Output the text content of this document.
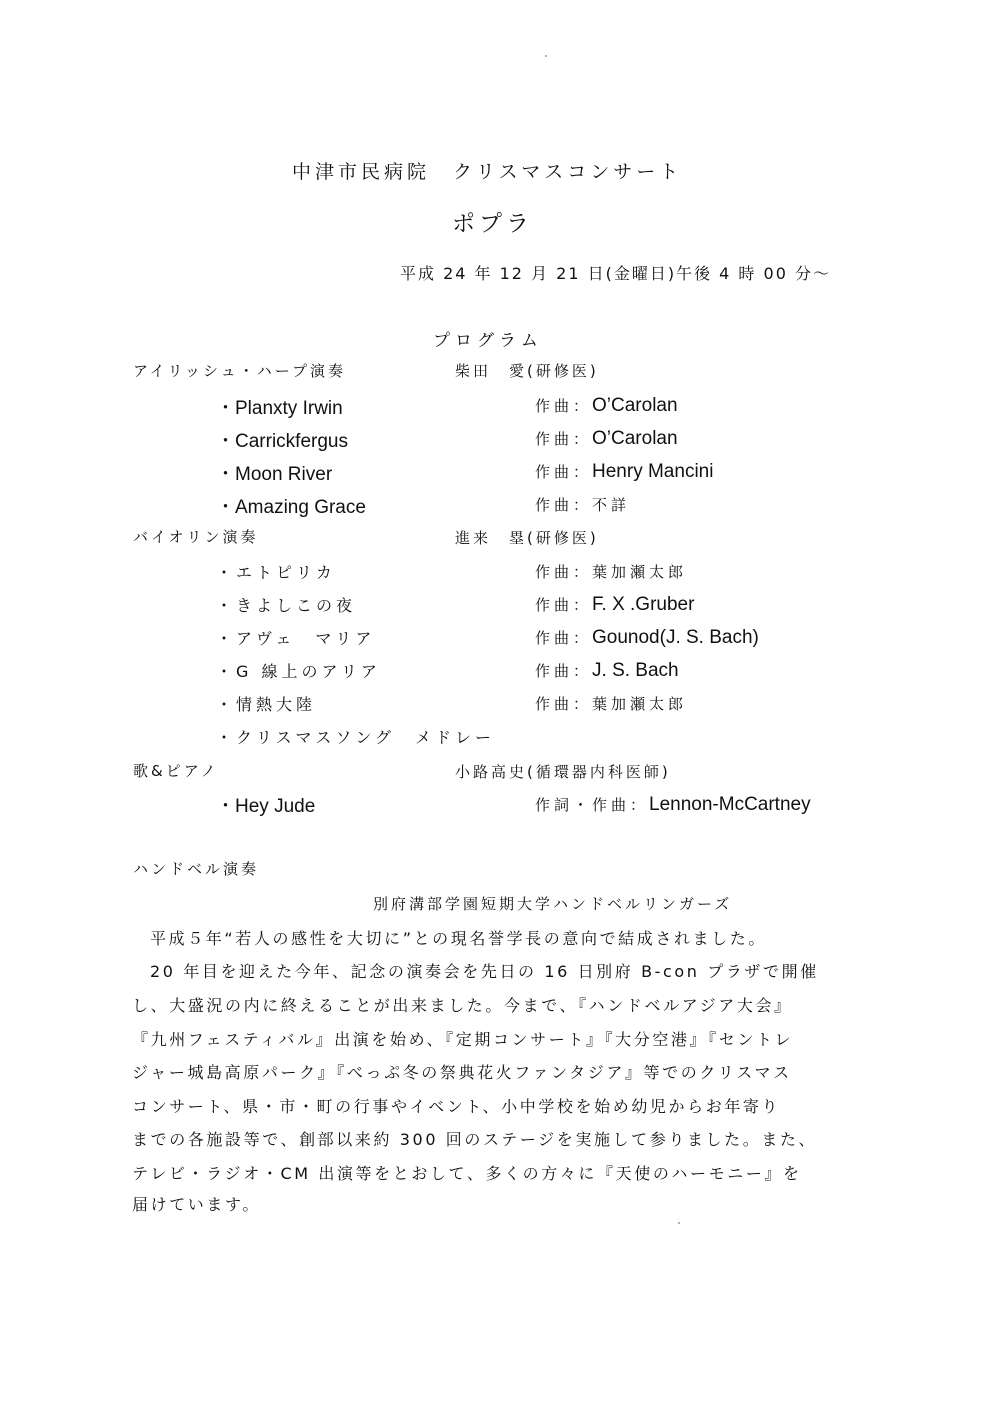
中津市民病院　クリスマスコンサート
ポプラ
平成 24 年 12 月 21 日(金曜日)午後 4 時 00 分～
プログラム
アイリッシュ・ハープ演奏	柴田　愛(研修医)
・Planxty Irwin	作曲：O’Carolan
・Carrickfergus	作曲：O’Carolan
・Moon River	作曲：Henry Mancini
・Amazing Grace	作曲：不詳
バイオリン演奏	進来　塁(研修医)
・エトピリカ	作曲：葉加瀬太郎
・きよしこの夜	作曲：F. X .Gruber
・アヴェ　マリア	作曲：Gounod(J. S. Bach)
・G 線上のアリア	作曲：J. S. Bach
・情熱大陸	作曲：葉加瀬太郎
・クリスマスソング　メドレー
歌&ピアノ	小路高史(循環器内科医師)
・Hey Jude	作詞・作曲：Lennon-McCartney
ハンドベル演奏
別府溝部学園短期大学ハンドベルリンガーズ
平成５年“若人の感性を大切に”との現名誉学長の意向で結成されました。
20 年目を迎えた今年、記念の演奏会を先日の 16 日別府 B-con プラザで開催
し、大盛況の内に終えることが出来ました。今まで、『ハンドベルアジア大会』
『九州フェスティバル』出演を始め、『定期コンサート』『大分空港』『セントレ
ジャー城島高原パーク』『べっぷ冬の祭典花火ファンタジア』等でのクリスマス
コンサート、県・市・町の行事やイベント、小中学校を始め幼児からお年寄り
までの各施設等で、創部以来約 300 回のステージを実施して参りました。また、
テレビ・ラジオ・CM 出演等をとおして、多くの方々に『天使のハーモニー』を
届けています。
